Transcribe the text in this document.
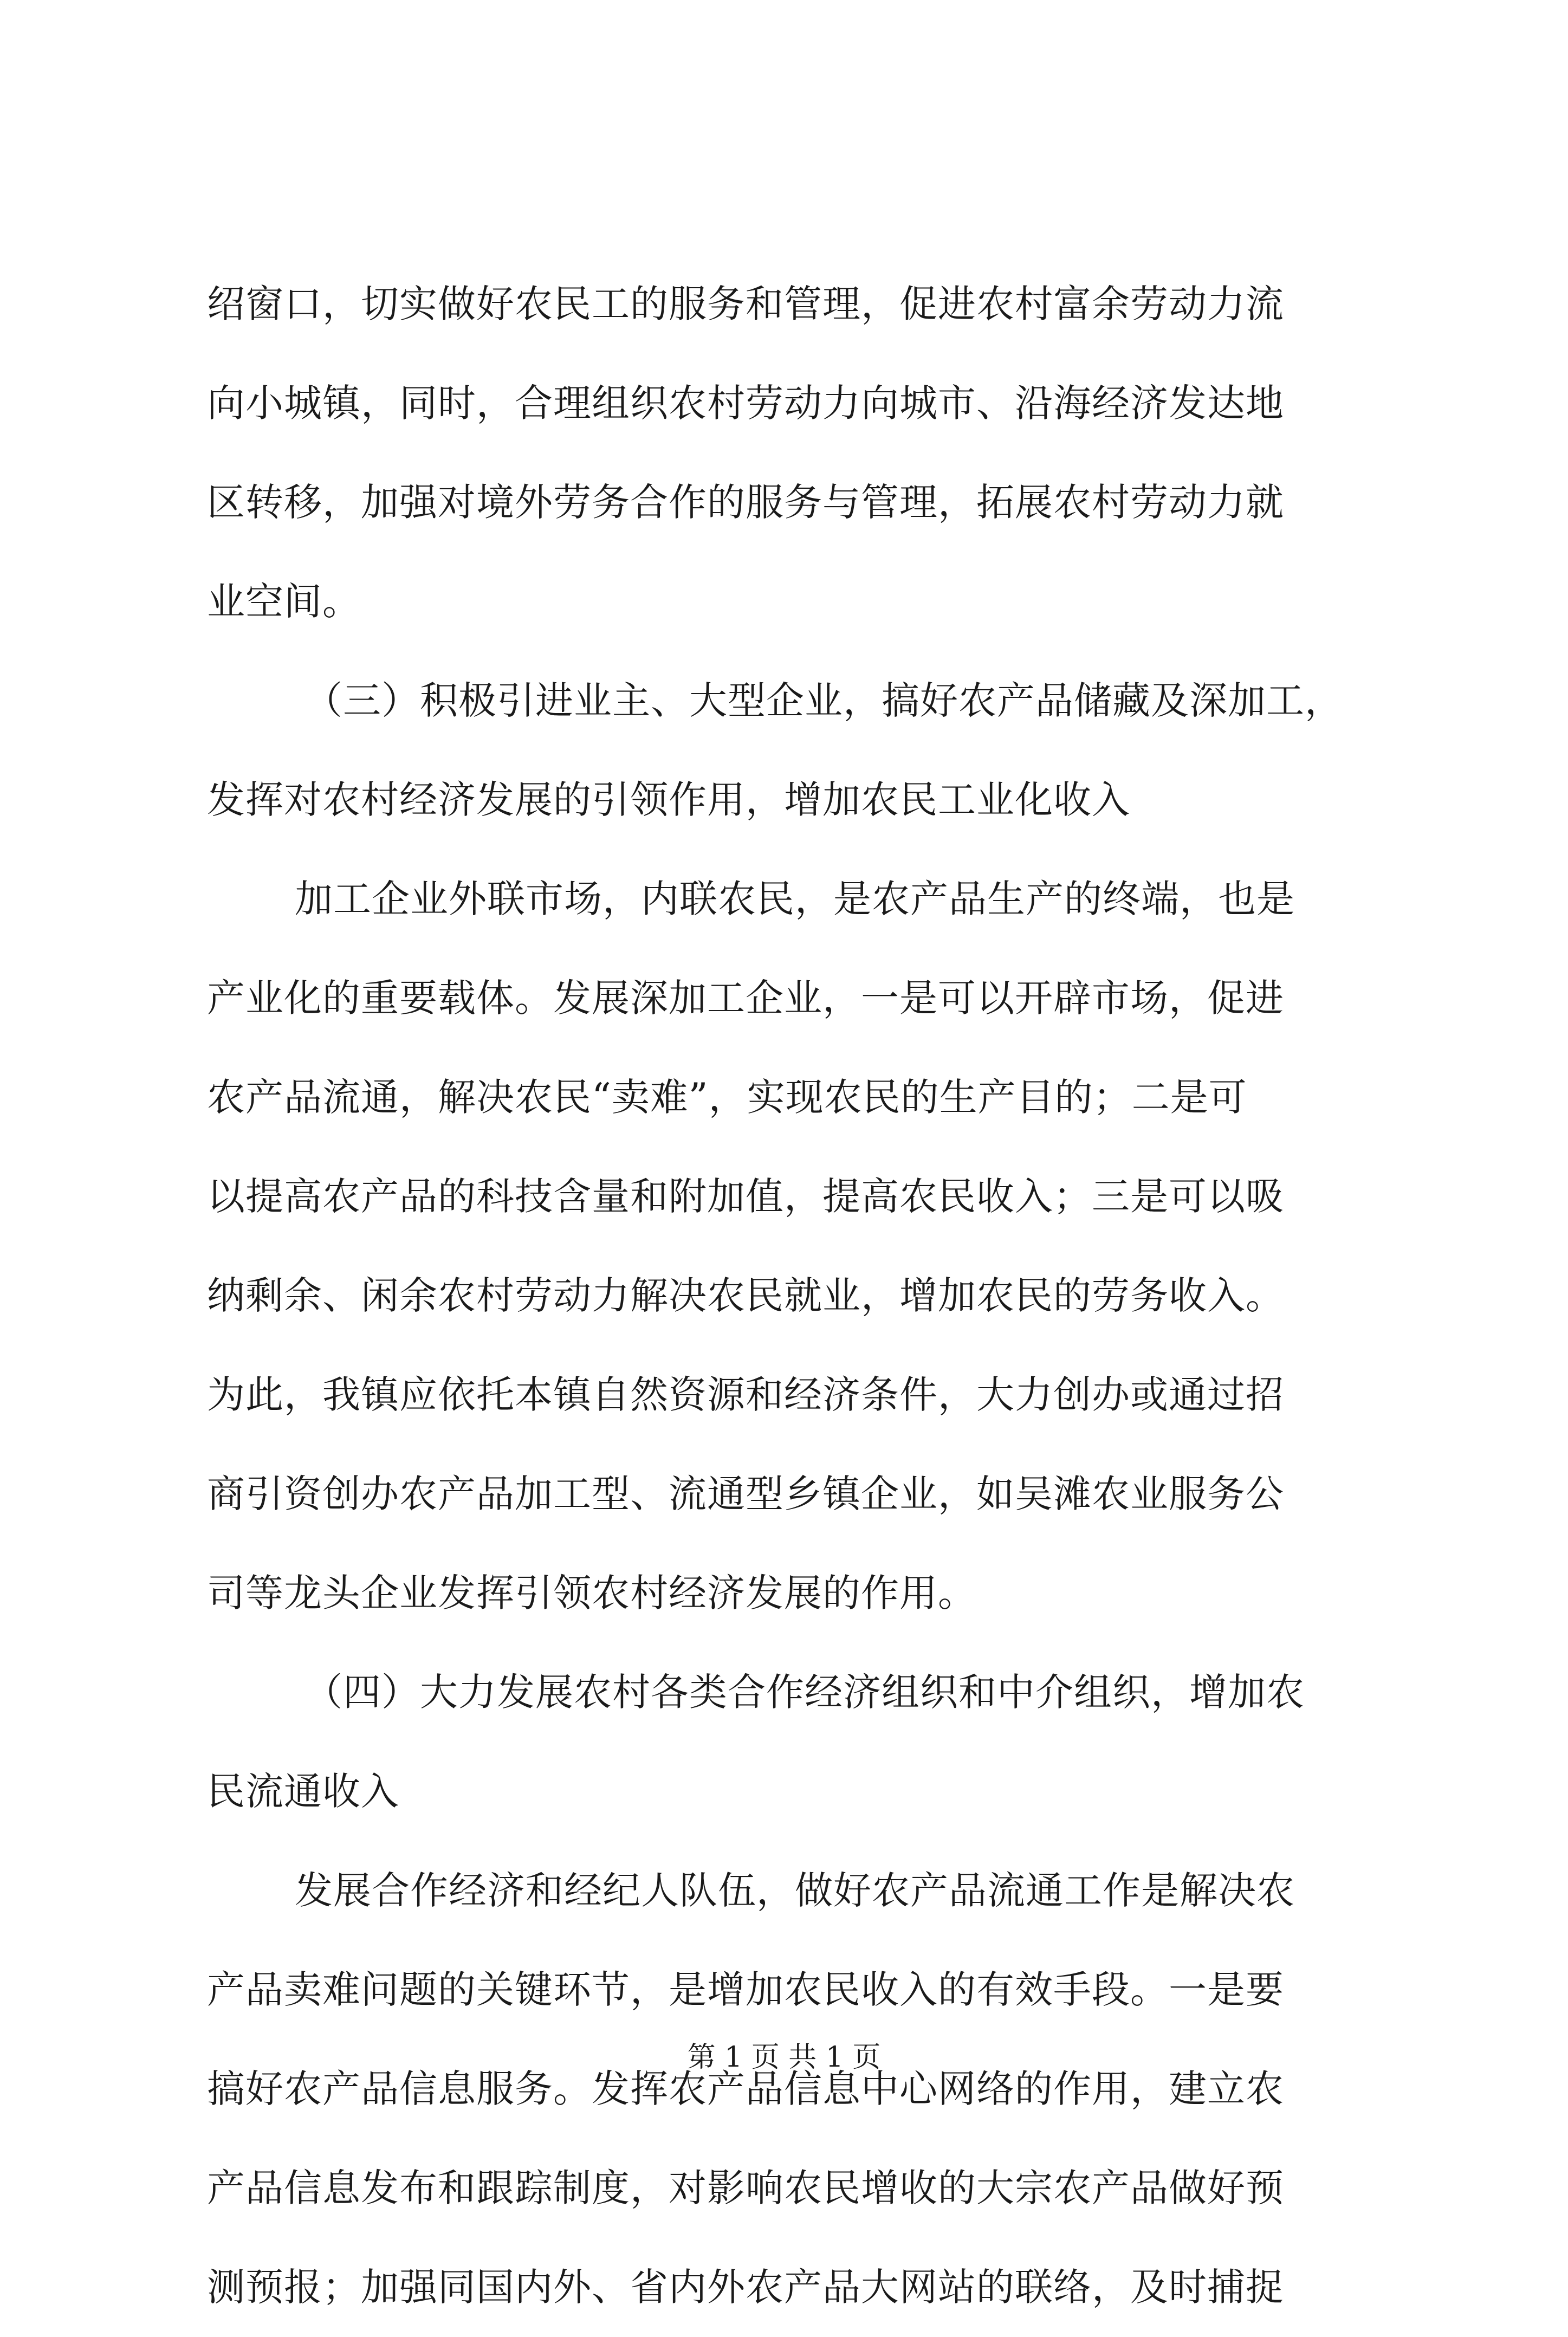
绍窗口，切实做好农民工的服务和管理，促进农村富余劳动力流
向小城镇，同时，合理组织农村劳动力向城市、沿海经济发达地
区转移，加强对境外劳务合作的服务与管理，拓展农村劳动力就
业空间。
（三）积极引进业主、大型企业，搞好农产品储藏及深加工，
发挥对农村经济发展的引领作用，增加农民工业化收入
加工企业外联市场，内联农民，是农产品生产的终端，也是
产业化的重要载体。发展深加工企业，一是可以开辟市场，促进
农产品流通，解决农民“卖难”，实现农民的生产目的；二是可
以提高农产品的科技含量和附加值，提高农民收入；三是可以吸
纳剩余、闲余农村劳动力解决农民就业，增加农民的劳务收入。
为此，我镇应依托本镇自然资源和经济条件，大力创办或通过招
商引资创办农产品加工型、流通型乡镇企业，如吴滩农业服务公
司等龙头企业发挥引领农村经济发展的作用。
（四）大力发展农村各类合作经济组织和中介组织，增加农
民流通收入
发展合作经济和经纪人队伍，做好农产品流通工作是解决农
产品卖难问题的关键环节，是增加农民收入的有效手段。一是要
搞好农产品信息服务。发挥农产品信息中心网络的作用，建立农
产品信息发布和跟踪制度，对影响农民增收的大宗农产品做好预
测预报；加强同国内外、省内外农产品大网站的联络，及时捕捉
第 1 页 共 1 页
